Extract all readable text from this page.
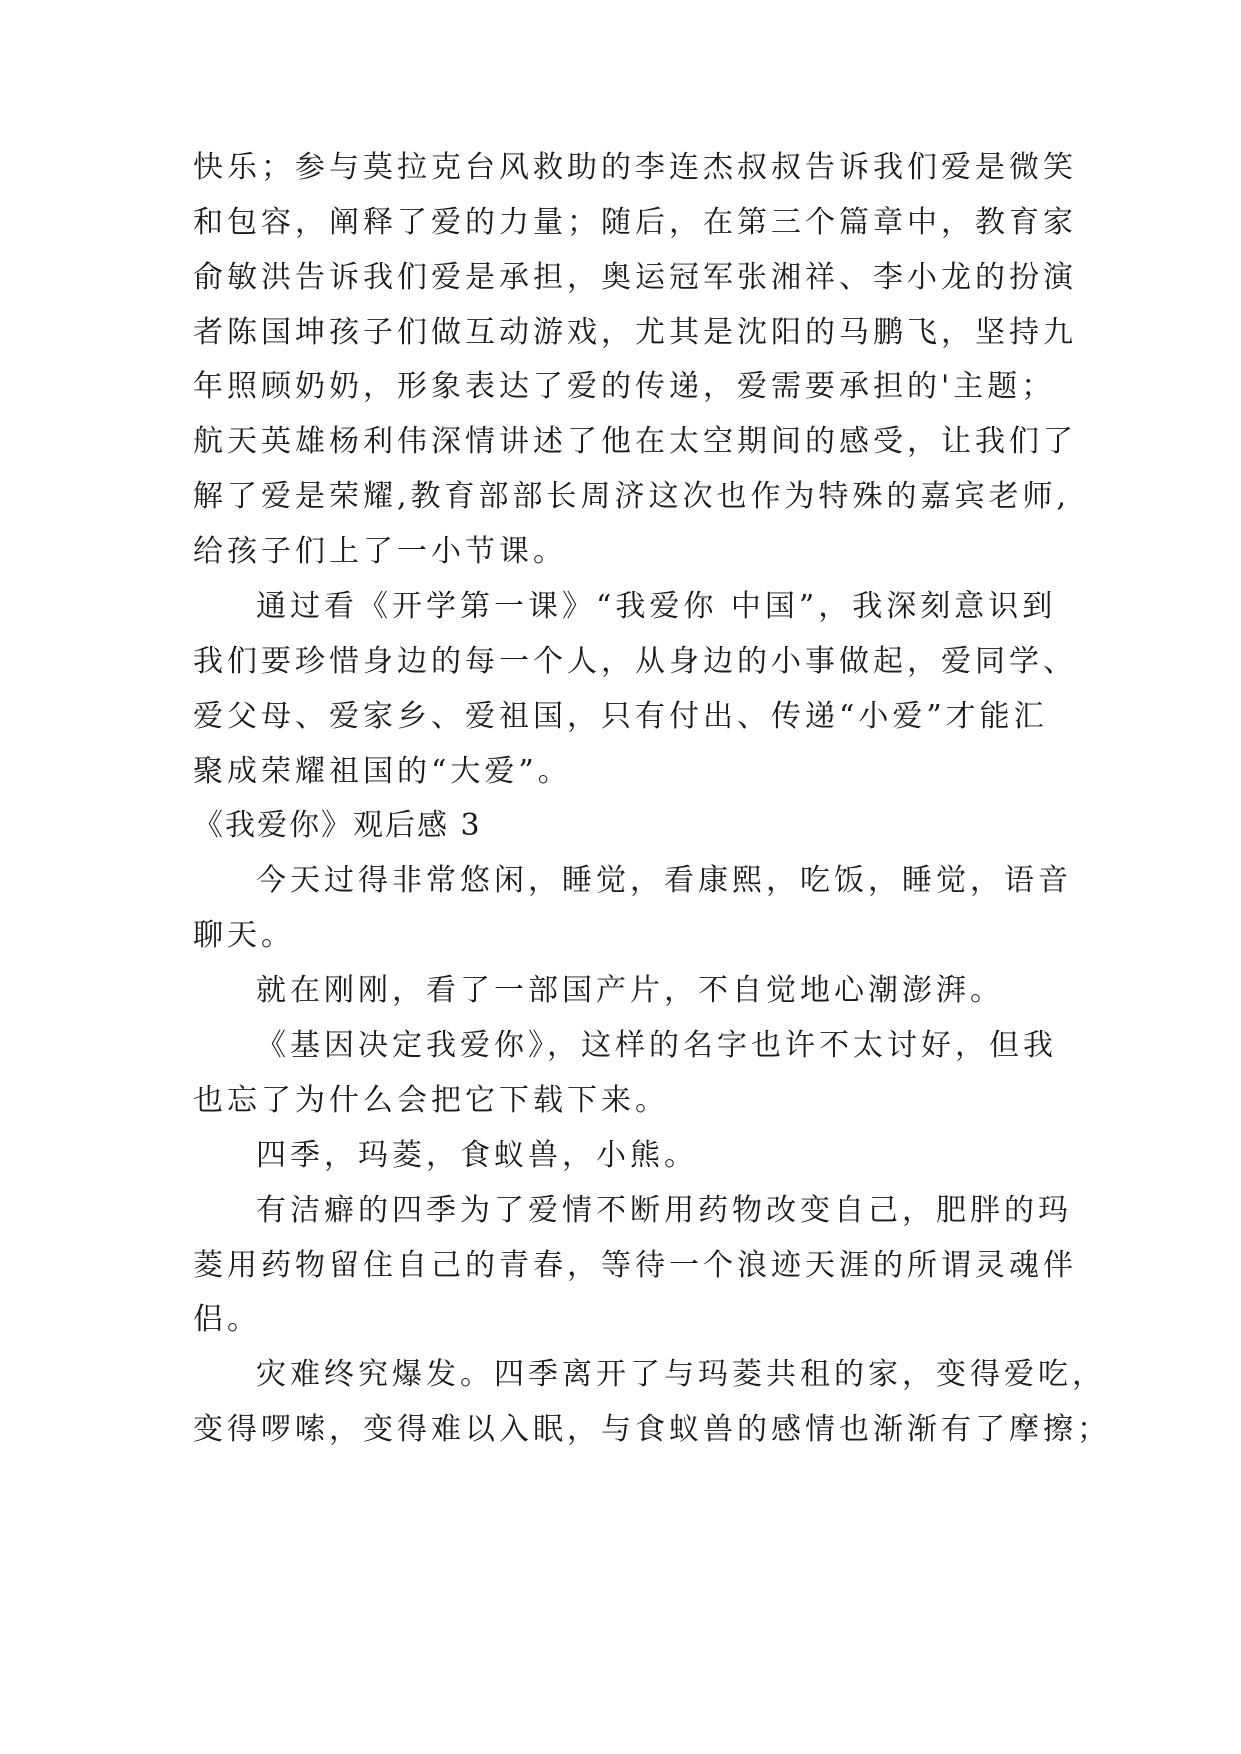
快乐；参与莫拉克台风救助的李连杰叔叔告诉我们爱是微笑
和包容，阐释了爱的力量；随后，在第三个篇章中，教育家
俞敏洪告诉我们爱是承担，奥运冠军张湘祥、李小龙的扮演
者陈国坤孩子们做互动游戏，尤其是沈阳的马鹏飞，坚持九
年照顾奶奶，形象表达了爱的传递，爱需要承担的'主题；
航天英雄杨利伟深情讲述了他在太空期间的感受，让我们了
解了爱是荣耀,教育部部长周济这次也作为特殊的嘉宾老师,
给孩子们上了一小节课。
通过看《开学第一课》“我爱你 中国”，我深刻意识到
我们要珍惜身边的每一个人，从身边的小事做起，爱同学、
爱父母、爱家乡、爱祖国，只有付出、传递“小爱”才能汇
聚成荣耀祖国的“大爱”。
《我爱你》观后感 3
今天过得非常悠闲，睡觉，看康熙，吃饭，睡觉，语音
聊天。
就在刚刚，看了一部国产片，不自觉地心潮澎湃。
《基因决定我爱你》，这样的名字也许不太讨好，但我
也忘了为什么会把它下载下来。
四季，玛菱，食蚁兽，小熊。
有洁癖的四季为了爱情不断用药物改变自己，肥胖的玛
菱用药物留住自己的青春，等待一个浪迹天涯的所谓灵魂伴
侣。
灾难终究爆发。四季离开了与玛菱共租的家，变得爱吃，
变得啰嗦，变得难以入眠，与食蚁兽的感情也渐渐有了摩擦；
